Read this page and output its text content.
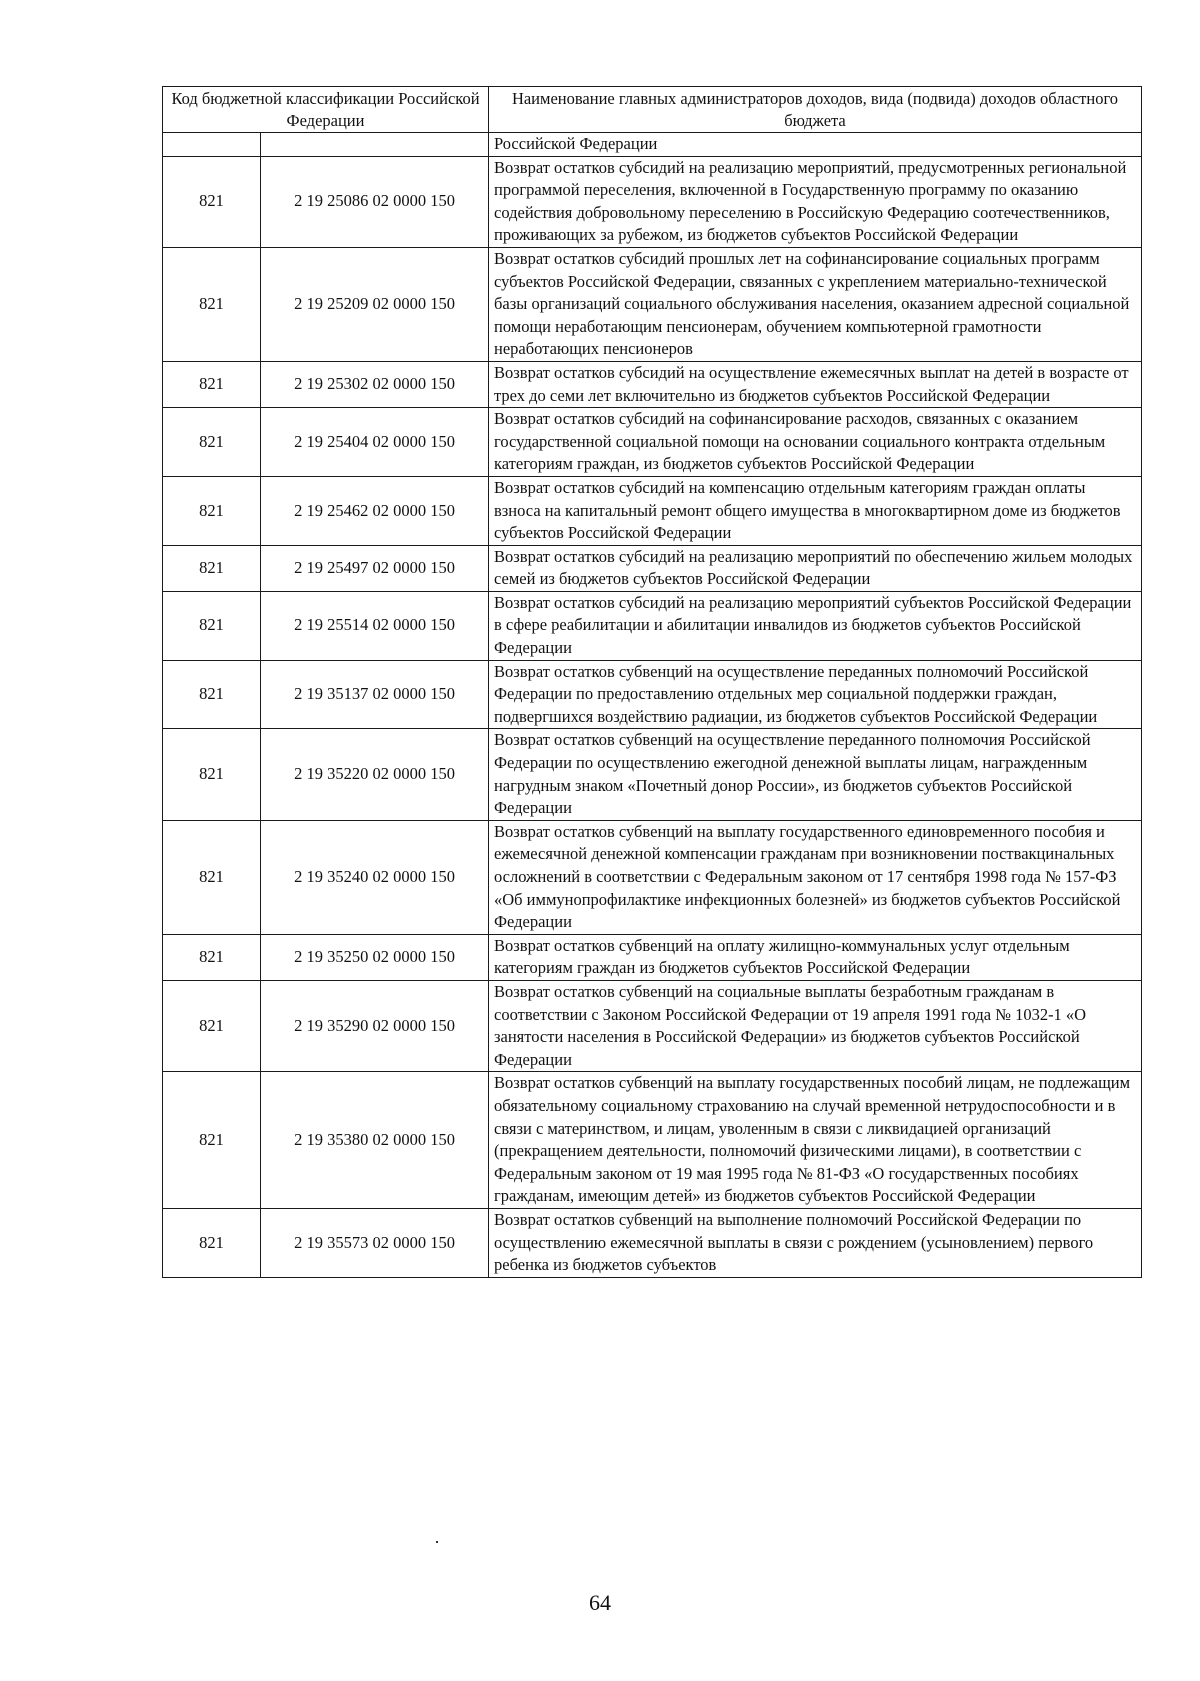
Код бюджетной классификации Российской Федерации		Наименование главных администраторов доходов, вида (подвида) доходов областного бюджета
		Российской Федерации
821	2 19 25086 02 0000 150	Возврат остатков субсидий на реализацию мероприятий, предусмотренных региональной программой переселения, включенной в Государственную программу по оказанию содействия добровольному переселению в Российскую Федерацию соотечественников, проживающих за рубежом, из бюджетов субъектов Российской Федерации
821	2 19 25209 02 0000 150	Возврат остатков субсидий прошлых лет на софинансирование социальных программ субъектов Российской Федерации, связанных с укреплением материально-технической базы организаций социального обслуживания населения, оказанием адресной социальной помощи неработающим пенсионерам, обучением компьютерной грамотности неработающих пенсионеров
821	2 19 25302 02 0000 150	Возврат остатков субсидий на осуществление ежемесячных выплат на детей в возрасте от трех до семи лет включительно из бюджетов субъектов Российской Федерации
821	2 19 25404 02 0000 150	Возврат остатков субсидий на софинансирование расходов, связанных с оказанием государственной социальной помощи на основании социального контракта отдельным категориям граждан, из бюджетов субъектов Российской Федерации
821	2 19 25462 02 0000 150	Возврат остатков субсидий на компенсацию отдельным категориям граждан оплаты взноса на капитальный ремонт общего имущества в многоквартирном доме из бюджетов субъектов Российской Федерации
821	2 19 25497 02 0000 150	Возврат остатков субсидий на реализацию мероприятий по обеспечению жильем молодых семей из бюджетов субъектов Российской Федерации
821	2 19 25514 02 0000 150	Возврат остатков субсидий на реализацию мероприятий субъектов Российской Федерации в сфере реабилитации и абилитации инвалидов из бюджетов субъектов Российской Федерации
821	2 19 35137 02 0000 150	Возврат остатков субвенций на осуществление переданных полномочий Российской Федерации по предоставлению отдельных мер социальной поддержки граждан, подвергшихся воздействию радиации, из бюджетов субъектов Российской Федерации
821	2 19 35220 02 0000 150	Возврат остатков субвенций на осуществление переданного полномочия Российской Федерации по осуществлению ежегодной денежной выплаты лицам, награжденным нагрудным знаком «Почетный донор России», из бюджетов субъектов Российской Федерации
821	2 19 35240 02 0000 150	Возврат остатков субвенций на выплату государственного единовременного пособия и ежемесячной денежной компенсации гражданам при возникновении поствакцинальных осложнений в соответствии с Федеральным законом от 17 сентября 1998 года № 157-ФЗ «Об иммунопрофилактике инфекционных болезней» из бюджетов субъектов Российской Федерации
821	2 19 35250 02 0000 150	Возврат остатков субвенций на оплату жилищно-коммунальных услуг отдельным категориям граждан из бюджетов субъектов Российской Федерации
821	2 19 35290 02 0000 150	Возврат остатков субвенций на социальные выплаты безработным гражданам в соответствии с Законом Российской Федерации от 19 апреля 1991 года № 1032-1 «О занятости населения в Российской Федерации» из бюджетов субъектов Российской Федерации
821	2 19 35380 02 0000 150	Возврат остатков субвенций на выплату государственных пособий лицам, не подлежащим обязательному социальному страхованию на случай временной нетрудоспособности и в связи с материнством, и лицам, уволенным в связи с ликвидацией организаций (прекращением деятельности, полномочий физическими лицами), в соответствии с Федеральным законом от 19 мая 1995 года № 81-ФЗ «О государственных пособиях гражданам, имеющим детей» из бюджетов субъектов Российской Федерации
821	2 19 35573 02 0000 150	Возврат остатков субвенций на выполнение полномочий Российской Федерации по осуществлению ежемесячной выплаты в связи с рождением (усыновлением) первого ребенка из бюджетов субъектов
64
